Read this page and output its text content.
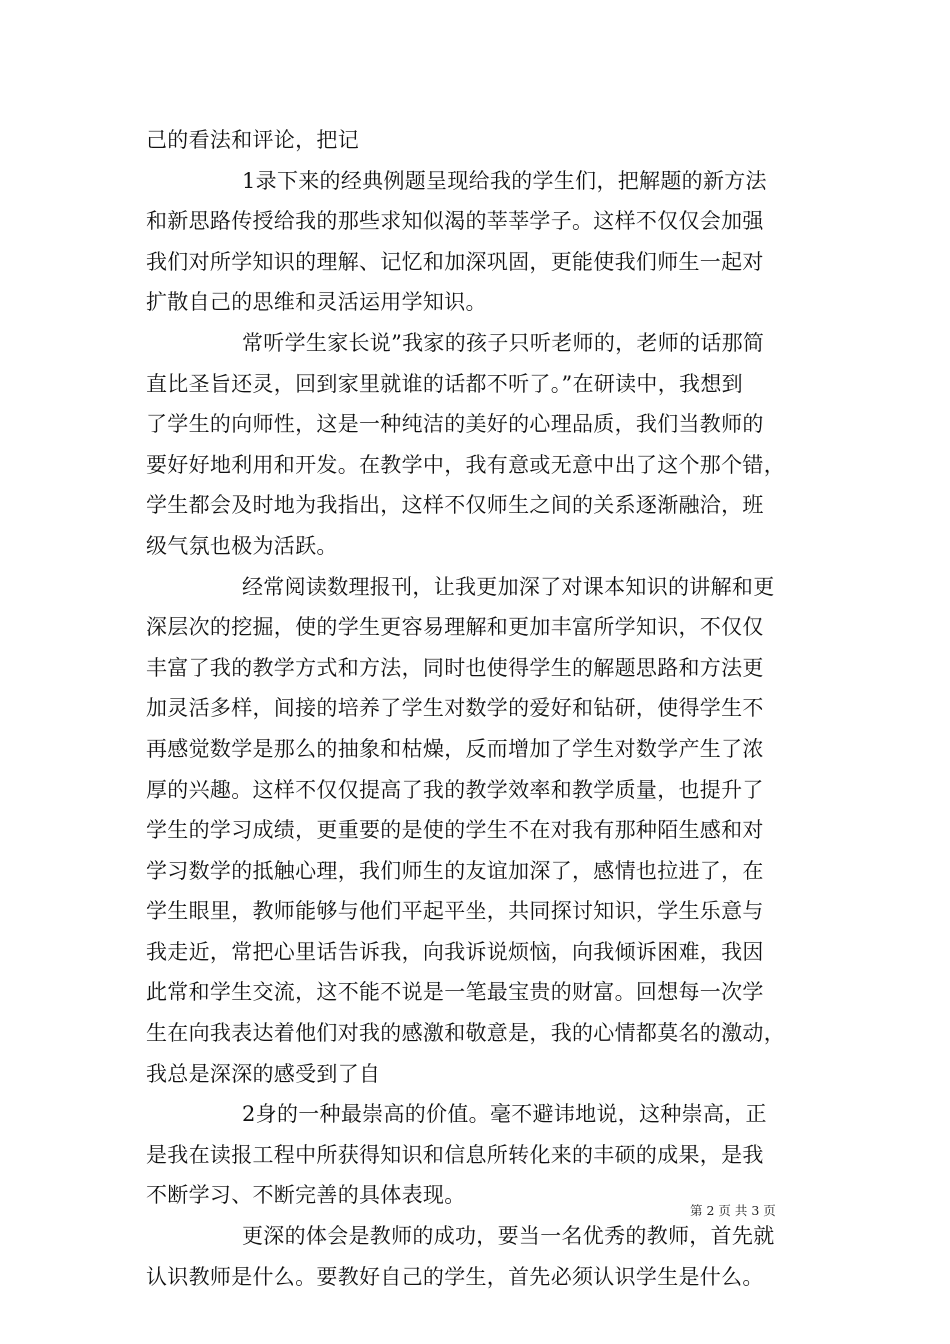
己的看法和评论，把记
1录下来的经典例题呈现给我的学生们，把解题的新方法
和新思路传授给我的那些求知似渴的莘莘学子。这样不仅仅会加强
我们对所学知识的理解、记忆和加深巩固，更能使我们师生一起对
扩散自己的思维和灵活运用学知识。
常听学生家长说”我家的孩子只听老师的，老师的话那简
直比圣旨还灵，回到家里就谁的话都不听了。”在研读中，我想到
了学生的向师性，这是一种纯洁的美好的心理品质，我们当教师的
要好好地利用和开发。在教学中，我有意或无意中出了这个那个错，
学生都会及时地为我指出，这样不仅师生之间的关系逐渐融洽，班
级气氛也极为活跃。
经常阅读数理报刊，让我更加深了对课本知识的讲解和更
深层次的挖掘，使的学生更容易理解和更加丰富所学知识，不仅仅
丰富了我的教学方式和方法，同时也使得学生的解题思路和方法更
加灵活多样，间接的培养了学生对数学的爱好和钻研，使得学生不
再感觉数学是那么的抽象和枯燥，反而增加了学生对数学产生了浓
厚的兴趣。这样不仅仅提高了我的教学效率和教学质量，也提升了
学生的学习成绩，更重要的是使的学生不在对我有那种陌生感和对
学习数学的抵触心理，我们师生的友谊加深了，感情也拉进了，在
学生眼里，教师能够与他们平起平坐，共同探讨知识，学生乐意与
我走近，常把心里话告诉我，向我诉说烦恼，向我倾诉困难，我因
此常和学生交流，这不能不说是一笔最宝贵的财富。回想每一次学
生在向我表达着他们对我的感激和敬意是，我的心情都莫名的激动，
我总是深深的感受到了自
2身的一种最崇高的价值。毫不避讳地说，这种崇高，正
是我在读报工程中所获得知识和信息所转化来的丰硕的成果，是我
不断学习、不断完善的具体表现。
更深的体会是教师的成功，要当一名优秀的教师，首先就
认识教师是什么。要教好自己的学生，首先必须认识学生是什么。
第 2 页 共 3 页
